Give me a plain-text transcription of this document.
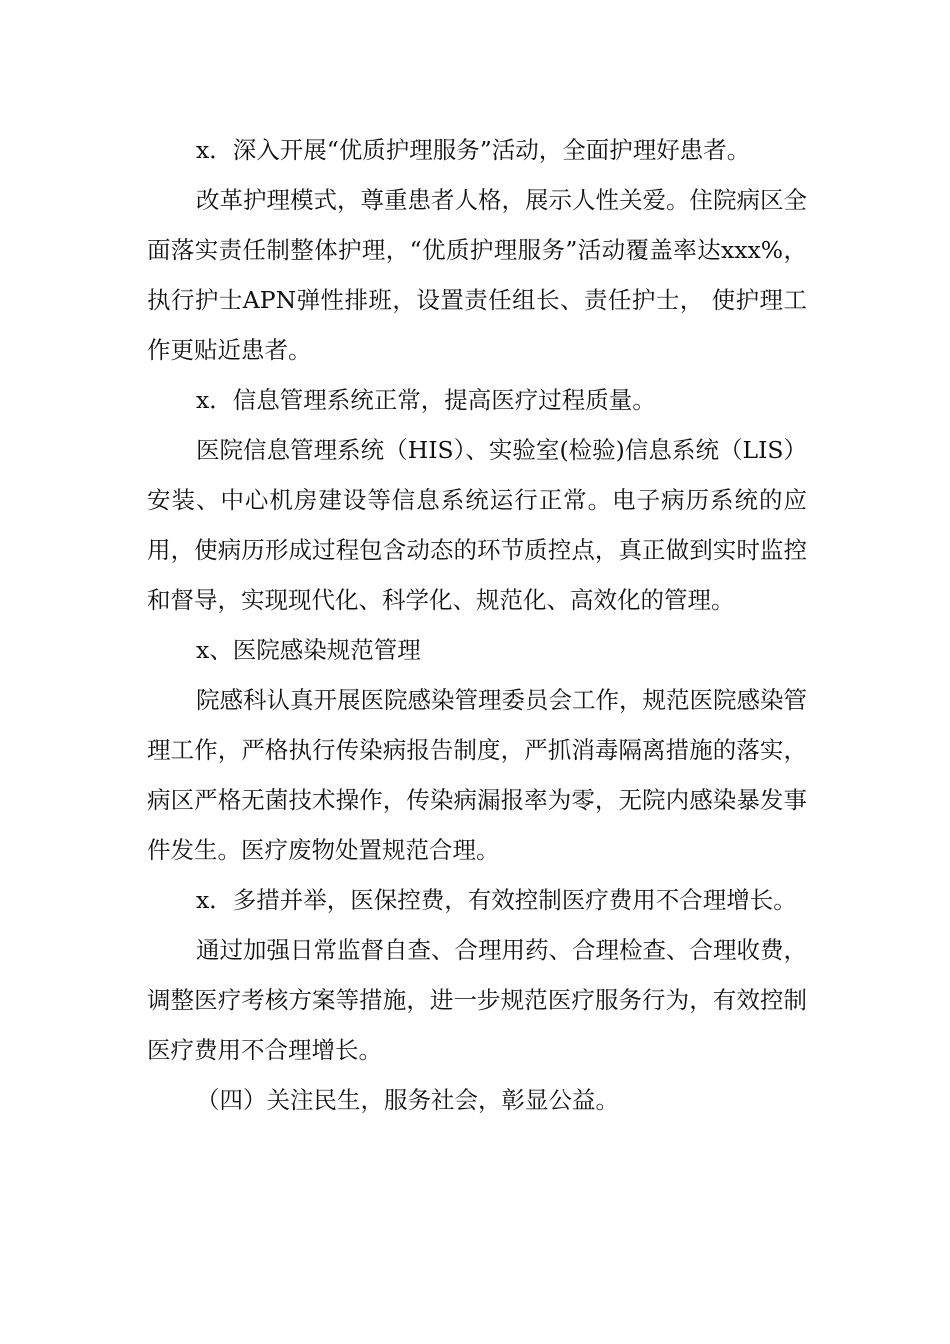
x．深入开展“优质护理服务”活动，全面护理好患者。

改革护理模式，尊重患者人格，展示人性关爱。住院病区全面落实责任制整体护理，“优质护理服务”活动覆盖率达xxx%，执行护士APN弹性排班，设置责任组长、责任护士， 使护理工作更贴近患者。

x．信息管理系统正常，提高医疗过程质量。

医院信息管理系统（HIS）、实验室(检验)信息系统（LIS）安装、中心机房建设等信息系统运行正常。电子病历系统的应用，使病历形成过程包含动态的环节质控点，真正做到实时监控和督导，实现现代化、科学化、规范化、高效化的管理。

x、医院感染规范管理

院感科认真开展医院感染管理委员会工作，规范医院感染管理工作，严格执行传染病报告制度，严抓消毒隔离措施的落实，病区严格无菌技术操作，传染病漏报率为零，无院内感染暴发事件发生。医疗废物处置规范合理。

x．多措并举，医保控费，有效控制医疗费用不合理增长。

通过加强日常监督自查、合理用药、合理检查、合理收费，调整医疗考核方案等措施，进一步规范医疗服务行为，有效控制医疗费用不合理增长。

（四）关注民生，服务社会，彰显公益。
